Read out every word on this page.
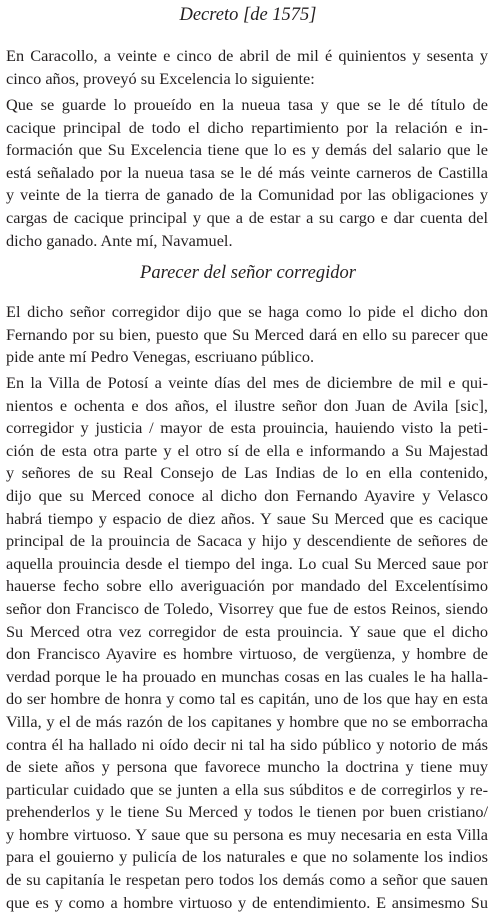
Decreto [de 1575]
En Caracollo, a veinte e cinco de abril de mil é quinientos y sesenta y
cinco años, proveyó su Excelencia lo siguiente:
Que se guarde lo proueído en la nueua tasa y que se le dé título de
cacique principal de todo el dicho repartimiento por la relación e in-
formación que Su Excelencia tiene que lo es y demás del salario que le
está señalado por la nueua tasa se le dé más veinte carneros de Castilla
y veinte de la tierra de ganado de la Comunidad por las obligaciones y
cargas de cacique principal y que a de estar a su cargo e dar cuenta del
dicho ganado. Ante mí, Navamuel.
Parecer del señor corregidor
El dicho señor corregidor dijo que se haga como lo pide el dicho don
Fernando por su bien, puesto que Su Merced dará en ello su parecer que
pide ante mí Pedro Venegas, escriuano público.
En la Villa de Potosí a veinte días del mes de diciembre de mil e qui-
nientos e ochenta e dos años, el ilustre señor don Juan de Avila [sic],
corregidor y justicia / mayor de esta prouincia, hauiendo visto la peti-
ción de esta otra parte y el otro sí de ella e informando a Su Majestad
y señores de su Real Consejo de Las Indias de lo en ella contenido,
dijo que su Merced conoce al dicho don Fernando Ayavire y Velasco
habrá tiempo y espacio de diez años. Y saue Su Merced que es cacique
principal de la prouincia de Sacaca y hijo y descendiente de señores de
aquella prouincia desde el tiempo del inga. Lo cual Su Merced saue por
hauerse fecho sobre ello averiguación por mandado del Excelentísimo
señor don Francisco de Toledo, Visorrey que fue de estos Reinos, siendo
Su Merced otra vez corregidor de esta prouincia. Y saue que el dicho
don Francisco Ayavire es hombre virtuoso, de vergüenza, y hombre de
verdad porque le ha prouado en munchas cosas en las cuales le ha halla-
do ser hombre de honra y como tal es capitán, uno de los que hay en esta
Villa, y el de más razón de los capitanes y hombre que no se emborracha
contra él ha hallado ni oído decir ni tal ha sido público y notorio de más
de siete años y persona que favorece muncho la doctrina y tiene muy
particular cuidado que se junten a ella sus súbditos e de corregirlos y re-
prehenderlos y le tiene Su Merced y todos le tienen por buen cristiano/
y hombre virtuoso. Y saue que su persona es muy necesaria en esta Villa
para el gouierno y pulicía de los naturales e que no solamente los indios
de su capitanía le respetan pero todos los demás como a señor que sauen
que es y como a hombre virtuoso y de entendimiento. E ansimesmo Su
